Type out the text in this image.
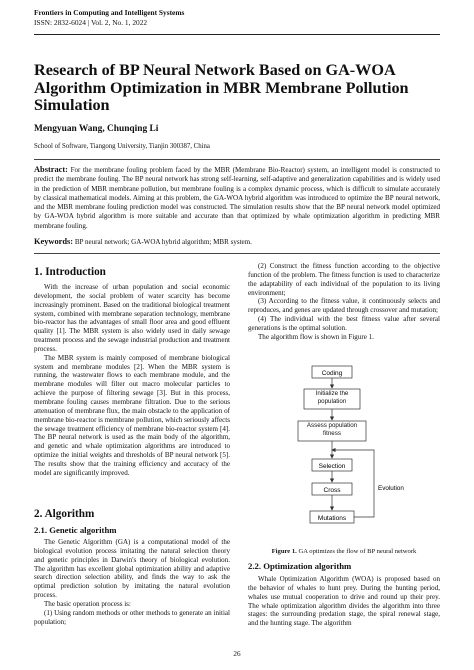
Frontiers in Computing and Intelligent Systems
ISSN: 2832-6024 | Vol. 2, No. 1, 2022
Research of BP Neural Network Based on GA-WOA Algorithm Optimization in MBR Membrane Pollution Simulation
Mengyuan Wang, Chunqing Li
School of Software, Tiangong University, Tianjin 300387, China
Abstract: For the membrane fouling problem faced by the MBR (Membrane Bio-Reactor) system, an intelligent model is constructed to predict the membrane fouling. The BP neural network has strong self-learning, self-adaptive and generalization capabilities and is widely used in the prediction of MBR membrane pollution, but membrane fouling is a complex dynamic process, which is difficult to simulate accurately by classical mathematical models. Aiming at this problem, the GA-WOA hybrid algorithm was introduced to optimize the BP neural network, and the MBR membrane fouling prediction model was constructed. The simulation results show that the BP neural network model optimized by GA-WOA hybrid algorithm is more suitable and accurate than that optimized by whale optimization algorithm in predicting MBR membrane fouling.
Keywords: BP neural network; GA-WOA hybrid algorithm; MBR system.
1. Introduction

With the increase of urban population and social economic development, the social problem of water scarcity has become increasingly prominent. Based on the traditional biological treatment system, combined with membrane separation technology, membrane bio-reactor has the advantages of small floor area and good effluent quality [1]. The MBR system is also widely used in daily sewage treatment process and the sewage industrial production and treatment process.

The MBR system is mainly composed of membrane biological system and membrane modules [2]. When the MBR system is running, the wastewater flows to each membrane module, and the membrane modules will filter out macro molecular particles to achieve the purpose of filtering sewage [3]. But in this process, membrane fouling causes membrane filtration. Due to the serious attenuation of membrane flux, the main obstacle to the application of membrane bio-reactor is membrane pollution, which seriously affects the sewage treatment efficiency of membrane bio-reactor system [4]. The BP neural network is used as the main body of the algorithm, and genetic and whale optimization algorithms are introduced to optimize the initial weights and thresholds of BP neural network [5]. The results show that the training efficiency and accuracy of the model are significantly improved.

2. Algorithm
2.1. Genetic algorithm

The Genetic Algorithm (GA) is a computational model of the biological evolution process imitating the natural selection theory and genetic principles in Darwin's theory of biological evolution. The algorithm has excellent global optimization ability and adaptive search direction selection ability, and finds the way to ask the optimal prediction solution by imitating the natural evolution process.

The basic operation process is:

(1) Using random methods or other methods to generate an initial population;

(2) Construct the fitness function according to the objective function of the problem. The fitness function is used to characterize the adaptability of each individual of the population to its living environment;

(3) According to the fitness value, it continuously selects and reproduces, and genes are updated through crossover and mutation;

(4) The individual with the best fitness value after several generations is the optimal solution.

The algorithm flow is shown in Figure 1.

Coding
Initialize the population
Assess population fitness
Selection
Cross
Mutations
Evolution
Figure 1. GA optimizes the flow of BP neural network
2.2. Optimization algorithm

Whale Optimization Algorithm (WOA) is proposed based on the behavior of whales to hunt prey. During the hunting period, whales use mutual cooperation to drive and round up their prey. The whale optimization algorithm divides the algorithm into three stages: the surrounding predation stage, the spiral renewal stage, and the hunting stage. The algorithm

26
